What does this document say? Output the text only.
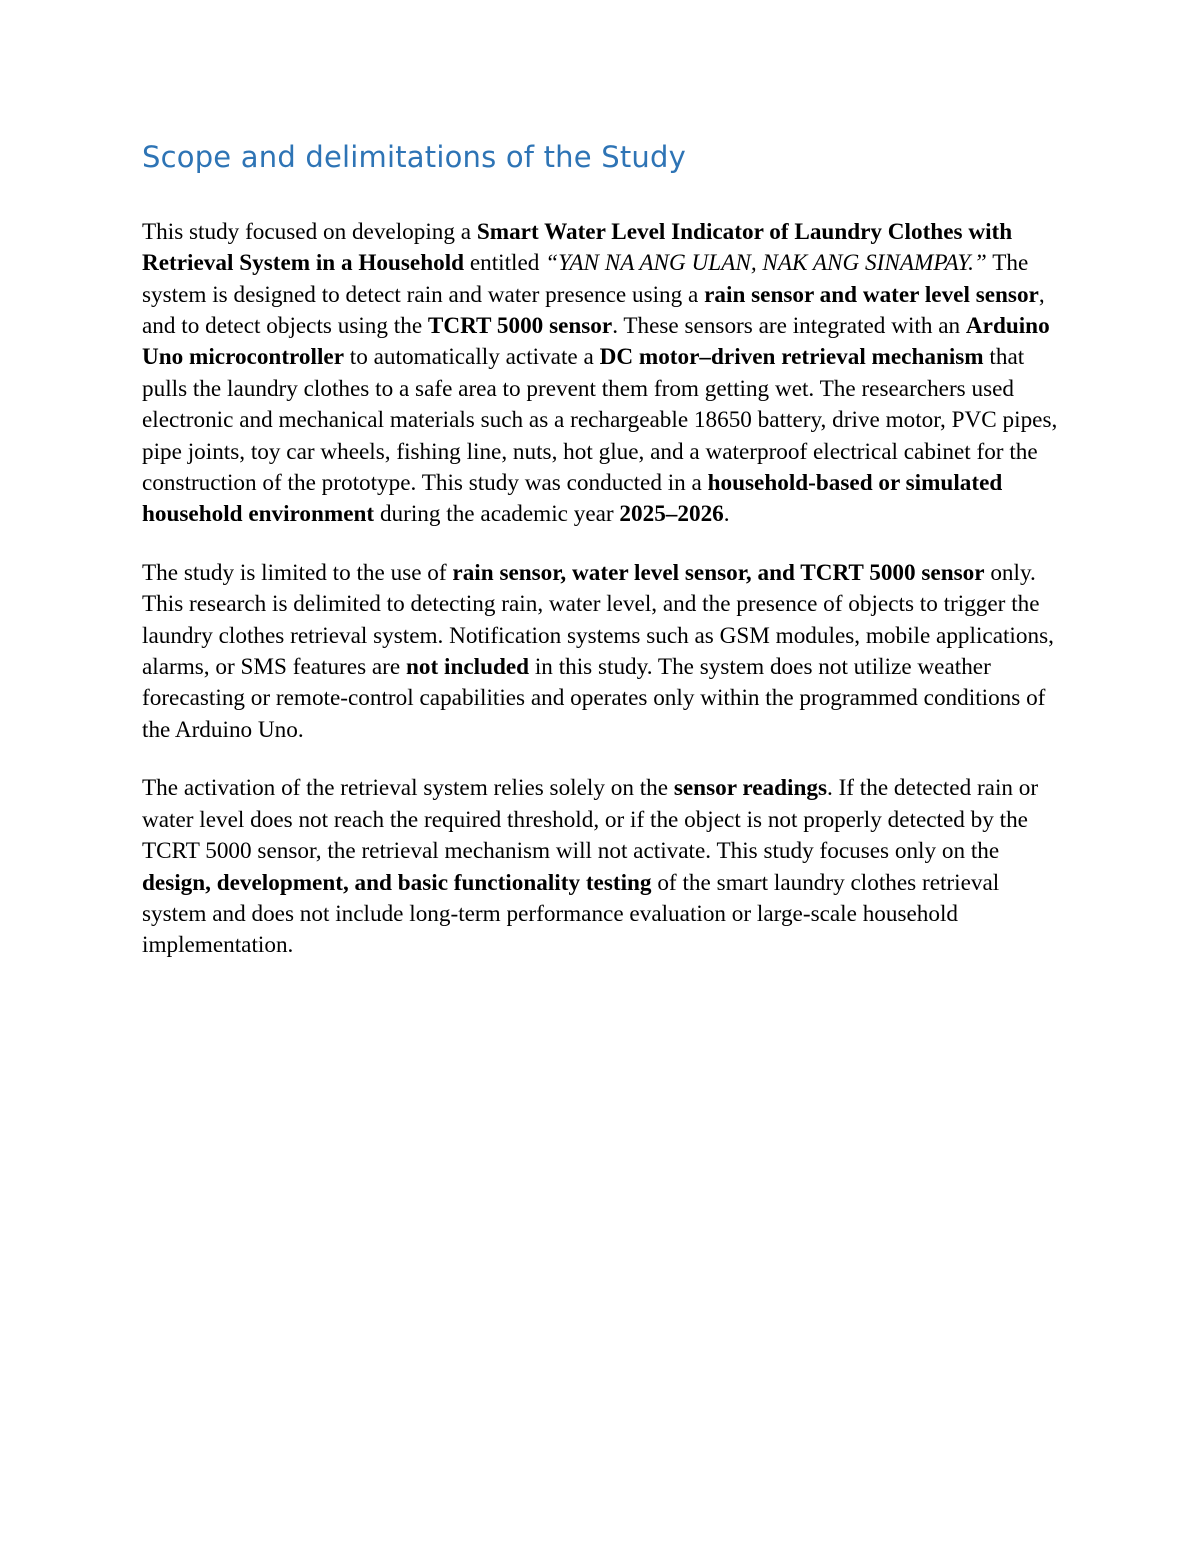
Scope and delimitations of the Study

This study focused on developing a Smart Water Level Indicator of Laundry Clothes with Retrieval System in a Household entitled “YAN NA ANG ULAN, NAK ANG SINAMPAY.” The system is designed to detect rain and water presence using a rain sensor and water level sensor, and to detect objects using the TCRT 5000 sensor. These sensors are integrated with an Arduino Uno microcontroller to automatically activate a DC motor–driven retrieval mechanism that pulls the laundry clothes to a safe area to prevent them from getting wet. The researchers used electronic and mechanical materials such as a rechargeable 18650 battery, drive motor, PVC pipes, pipe joints, toy car wheels, fishing line, nuts, hot glue, and a waterproof electrical cabinet for the construction of the prototype. This study was conducted in a household-based or simulated household environment during the academic year 2025–2026.

The study is limited to the use of rain sensor, water level sensor, and TCRT 5000 sensor only. This research is delimited to detecting rain, water level, and the presence of objects to trigger the laundry clothes retrieval system. Notification systems such as GSM modules, mobile applications, alarms, or SMS features are not included in this study. The system does not utilize weather forecasting or remote-control capabilities and operates only within the programmed conditions of the Arduino Uno.

The activation of the retrieval system relies solely on the sensor readings. If the detected rain or water level does not reach the required threshold, or if the object is not properly detected by the TCRT 5000 sensor, the retrieval mechanism will not activate. This study focuses only on the design, development, and basic functionality testing of the smart laundry clothes retrieval system and does not include long-term performance evaluation or large-scale household implementation.
